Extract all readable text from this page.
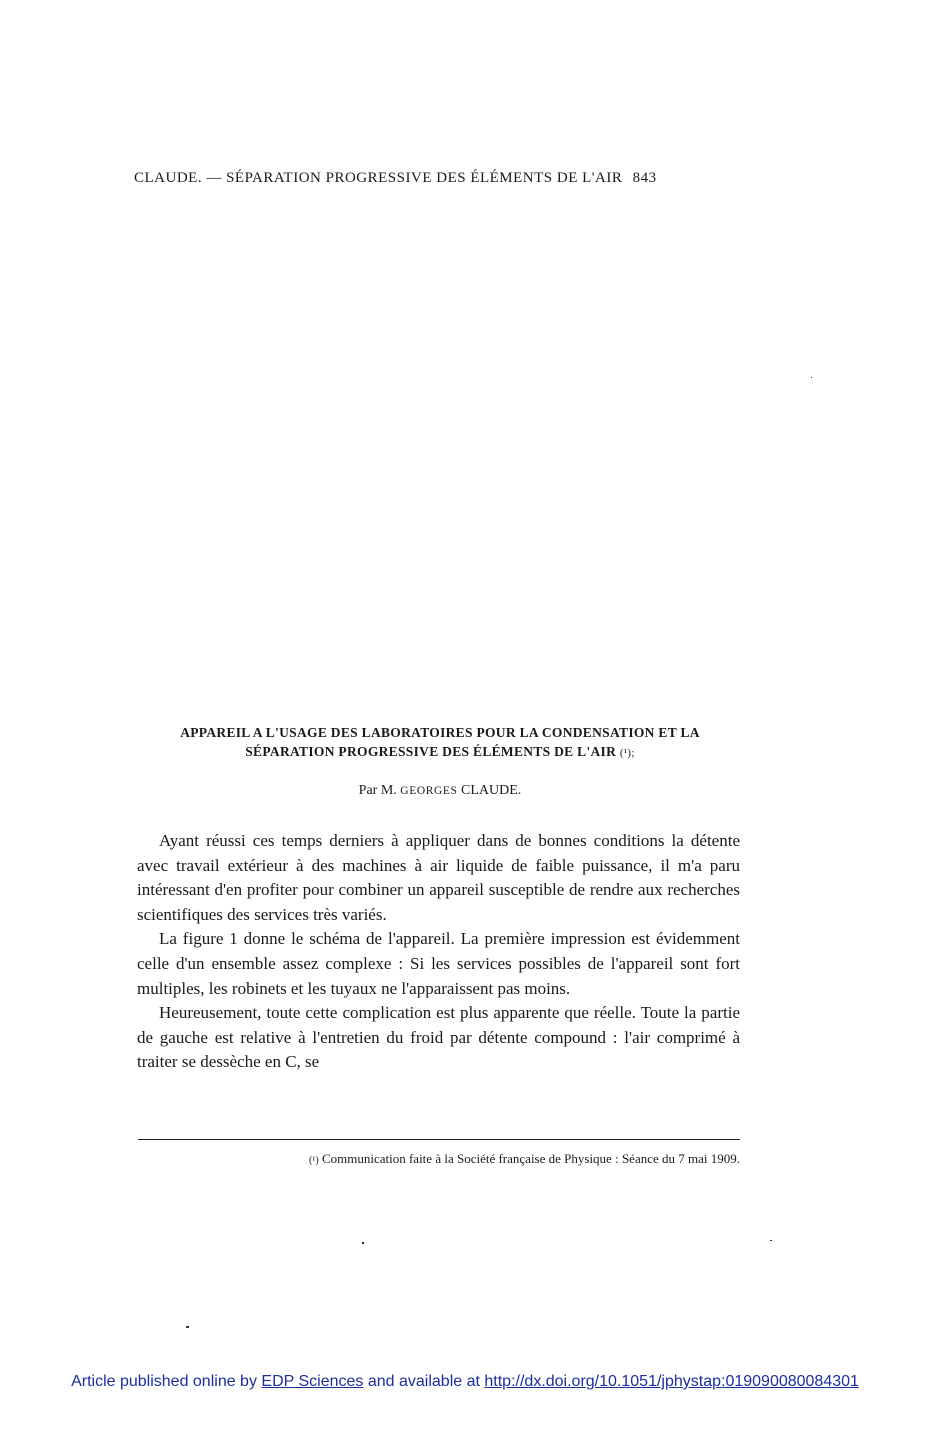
CLAUDE. — SÉPARATION PROGRESSIVE DES ÉLÉMENTS DE L'AIR 843
APPAREIL A L'USAGE DES LABORATOIRES POUR LA CONDENSATION ET LA
SÉPARATION PROGRESSIVE DES ÉLÉMENTS DE L'AIR (¹);
Par M. GEORGES CLAUDE.

Ayant réussi ces temps derniers à appliquer dans de bonnes conditions la détente avec travail extérieur à des machines à air liquide de faible puissance, il m'a paru intéressant d'en profiter pour combiner un appareil susceptible de rendre aux recherches scientifiques des services très variés.

La figure 1 donne le schéma de l'appareil. La première impression est évidemment celle d'un ensemble assez complexe : Si les services possibles de l'appareil sont fort multiples, les robinets et les tuyaux ne l'apparaissent pas moins.

Heureusement, toute cette complication est plus apparente que réelle. Toute la partie de gauche est relative à l'entretien du froid par détente compound : l'air comprimé à traiter se dessèche en C, se

(¹) Communication faite à la Société française de Physique : Séance du 7 mai 1909.
Article published online by EDP Sciences and available at http://dx.doi.org/10.1051/jphystap:019090080084301
